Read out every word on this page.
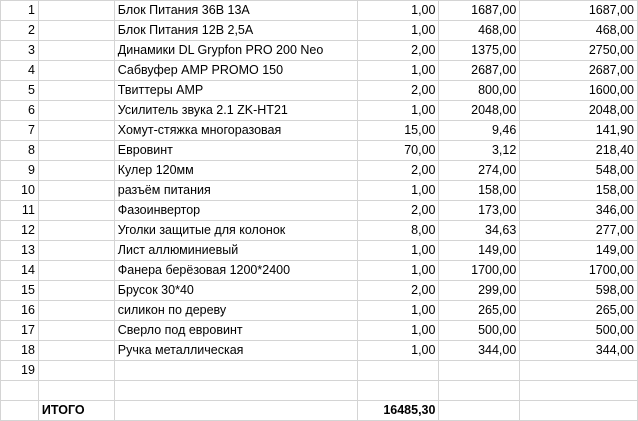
1		Блок Питания 36В 13А	1,00	1687,00	1687,00
2		Блок Питания 12В 2,5А	1,00	468,00	468,00
3		Динамики DL Grypfon PRO 200 Neo	2,00	1375,00	2750,00
4		Сабвуфер AMP PROMO 150	1,00	2687,00	2687,00
5		Твиттеры AMP	2,00	800,00	1600,00
6		Усилитель звука 2.1 ZK-HT21	1,00	2048,00	2048,00
7		Хомут-стяжка многоразовая	15,00	9,46	141,90
8		Евровинт	70,00	3,12	218,40
9		Кулер 120мм	2,00	274,00	548,00
10		разъём питания	1,00	158,00	158,00
11		Фазоинвертор	2,00	173,00	346,00
12		Уголки защитые для колонок	8,00	34,63	277,00
13		Лист аллюминиевый	1,00	149,00	149,00
14		Фанера берёзовая 1200*2400	1,00	1700,00	1700,00
15		Брусок 30*40	2,00	299,00	598,00
16		силикон по дереву	1,00	265,00	265,00
17		Сверло под евровинт	1,00	500,00	500,00
18		Ручка металлическая	1,00	344,00	344,00
19					

	ИТОГО		16485,30		
